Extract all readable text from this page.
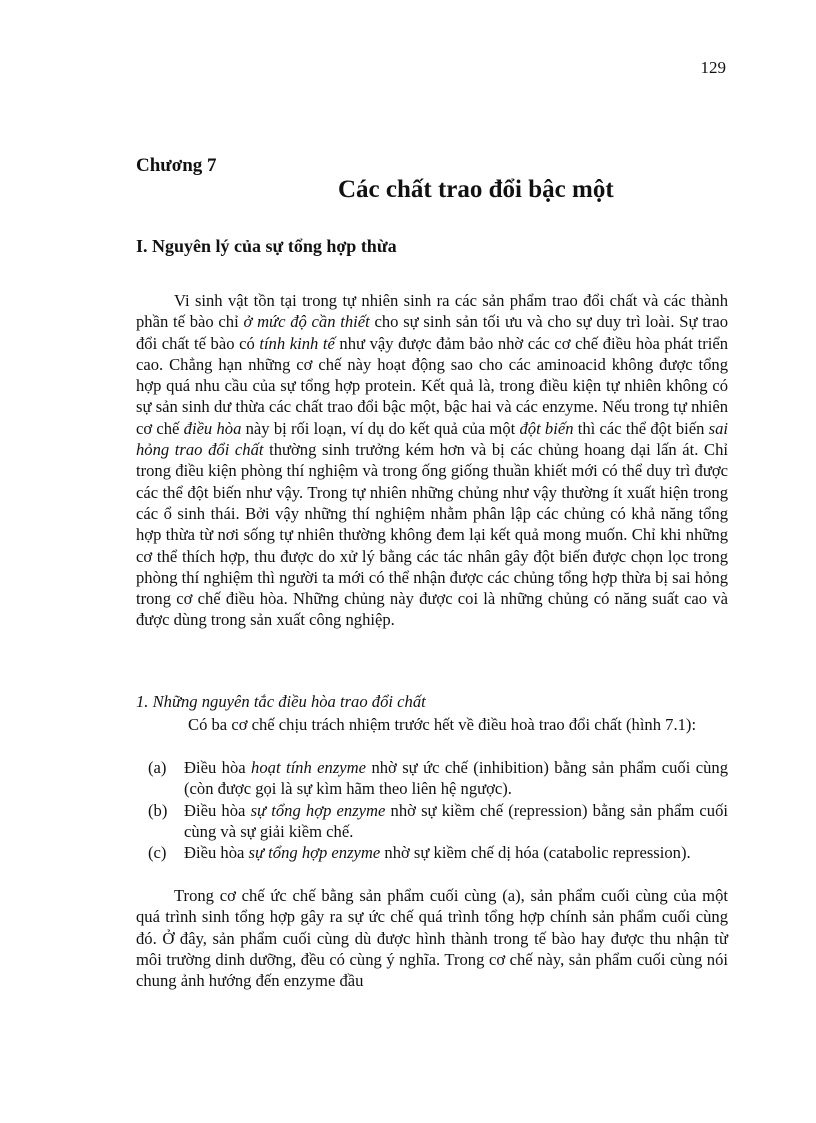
129
Chương 7
Các chất trao đổi bậc một
I. Nguyên lý của sự tổng hợp thừa

Vi sinh vật tồn tại trong tự nhiên sinh ra các sản phẩm trao đổi chất và các thành phần tế bào chỉ ở mức độ cần thiết cho sự sinh sản tối ưu và cho sự duy trì loài. Sự trao đổi chất tế bào có tính kinh tế như vậy được đảm bảo nhờ các cơ chế điều hòa phát triển cao. Chẳng hạn những cơ chế này hoạt động sao cho các aminoacid không được tổng hợp quá nhu cầu của sự tổng hợp protein. Kết quả là, trong điều kiện tự nhiên không có sự sản sinh dư thừa các chất trao đổi bậc một, bậc hai và các enzyme. Nếu trong tự nhiên cơ chế điều hòa này bị rối loạn, ví dụ do kết quả của một đột biến thì các thể đột biến sai hỏng trao đổi chất thường sinh trưởng kém hơn và bị các chủng hoang dại lấn át. Chỉ trong điều kiện phòng thí nghiệm và trong ống giống thuần khiết mới có thể duy trì được các thể đột biến như vậy. Trong tự nhiên những chủng như vậy thường ít xuất hiện trong các ổ sinh thái. Bởi vậy những thí nghiệm nhằm phân lập các chủng có khả năng tổng hợp thừa từ nơi sống tự nhiên thường không đem lại kết quả mong muốn. Chỉ khi những cơ thể thích hợp, thu được do xử lý bằng các tác nhân gây đột biến được chọn lọc trong phòng thí nghiệm thì người ta mới có thể nhận được các chủng tổng hợp thừa bị sai hỏng trong cơ chế điều hòa. Những chủng này được coi là những chủng có năng suất cao và được dùng trong sản xuất công nghiệp.

1. Những nguyên tắc điều hòa trao đổi chất

Có ba cơ chế chịu trách nhiệm trước hết về điều hoà trao đổi chất (hình 7.1):

(a) Điều hòa hoạt tính enzyme nhờ sự ức chế (inhibition) bằng sản phẩm cuối cùng (còn được gọi là sự kìm hãm theo liên hệ ngược).
(b) Điều hòa sự tổng hợp enzyme nhờ sự kiềm chế (repression) bằng sản phẩm cuối cùng và sự giải kiềm chế.
(c) Điều hòa sự tổng hợp enzyme nhờ sự kiềm chế dị hóa (catabolic repression).

Trong cơ chế ức chế bằng sản phẩm cuối cùng (a), sản phẩm cuối cùng của một quá trình sinh tổng hợp gây ra sự ức chế quá trình tổng hợp chính sản phẩm cuối cùng đó. Ở đây, sản phẩm cuối cùng dù được hình thành trong tế bào hay được thu nhận từ môi trường dinh dưỡng, đều có cùng ý nghĩa. Trong cơ chế này, sản phẩm cuối cùng nói chung ảnh hướng đến enzyme đầu
